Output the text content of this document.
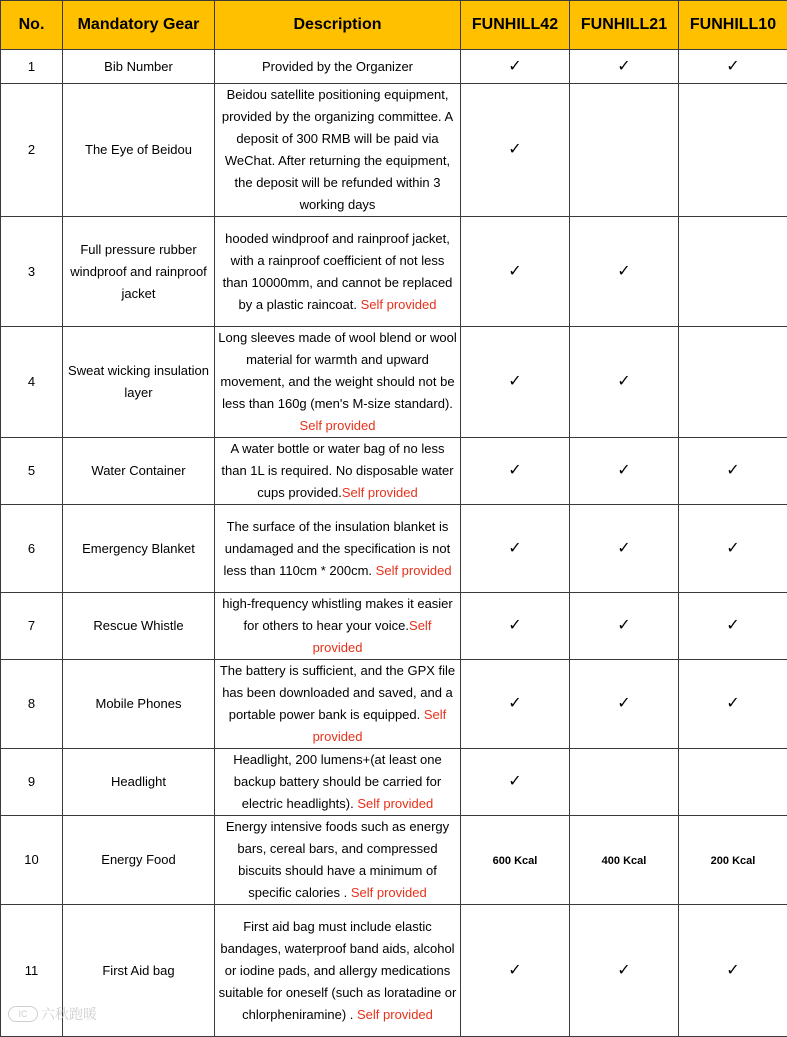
No.	Mandatory Gear	Description	FUNHILL42	FUNHILL21	FUNHILL10
1	Bib Number	Provided by the Organizer	✓	✓	✓
2	The Eye of Beidou	Beidou satellite positioning equipment, provided by the organizing committee. A deposit of 300 RMB will be paid via WeChat. After returning the equipment, the deposit will be refunded within 3 working days	✓		
3	Full pressure rubber windproof and rainproof jacket	hooded windproof and rainproof jacket, with a rainproof coefficient of not less than 10000mm, and cannot be replaced by a plastic raincoat. Self provided	✓	✓	
4	Sweat wicking insulation layer	Long sleeves made of wool blend or wool material for warmth and upward movement, and the weight should not be less than 160g (men's M-size standard). Self provided	✓	✓	
5	Water Container	A water bottle or water bag of no less than 1L is required. No disposable water cups provided.Self provided	✓	✓	✓
6	Emergency Blanket	The surface of the insulation blanket is undamaged and the specification is not less than 110cm * 200cm. Self provided	✓	✓	✓
7	Rescue Whistle	high-frequency whistling makes it easier for others to hear your voice.Self provided	✓	✓	✓
8	Mobile Phones	The battery is sufficient, and the GPX file has been downloaded and saved, and a portable power bank is equipped. Self provided	✓	✓	✓
9	Headlight	Headlight, 200 lumens+(at least one backup battery should be carried for electric headlights). Self provided	✓		
10	Energy Food	Energy intensive foods such as energy bars, cereal bars, and compressed biscuits should have a minimum of specific calories . Self provided	600 Kcal	400 Kcal	200 Kcal
11	First Aid bag	First aid bag must include elastic bandages, waterproof band aids, alcohol or iodine pads, and allergy medications suitable for oneself (such as loratadine or chlorpheniramine) . Self provided	✓	✓	✓
IC 六秋跑暖
